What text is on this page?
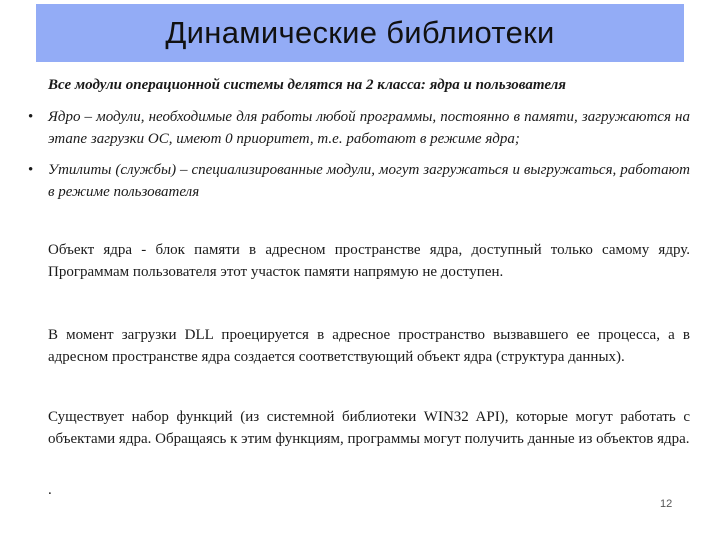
Динамические библиотеки
Все модули операционной системы делятся на 2 класса: ядра и пользователя
• Ядро – модули, необходимые для работы любой программы, постоянно в памяти, загружаются на этапе загрузки ОС, имеют 0 приоритет, т.е. работают в режиме ядра;
• Утилиты (службы) – специализированные модули, могут загружаться и выгружаться, работают в режиме пользователя

Объект ядра - блок памяти в адресном пространстве ядра, доступный только самому ядру. Программам пользователя этот участок памяти напрямую не доступен.

В момент загрузки DLL проецируется в адресное пространство вызвавшего ее процесса, а в адресном пространстве ядра создается соответствующий объект ядра (структура данных).

Существует набор функций (из системной библиотеки WIN32 API), которые могут работать с объектами ядра. Обращаясь к этим функциям, программы могут получить данные из объектов ядра.

.
12
